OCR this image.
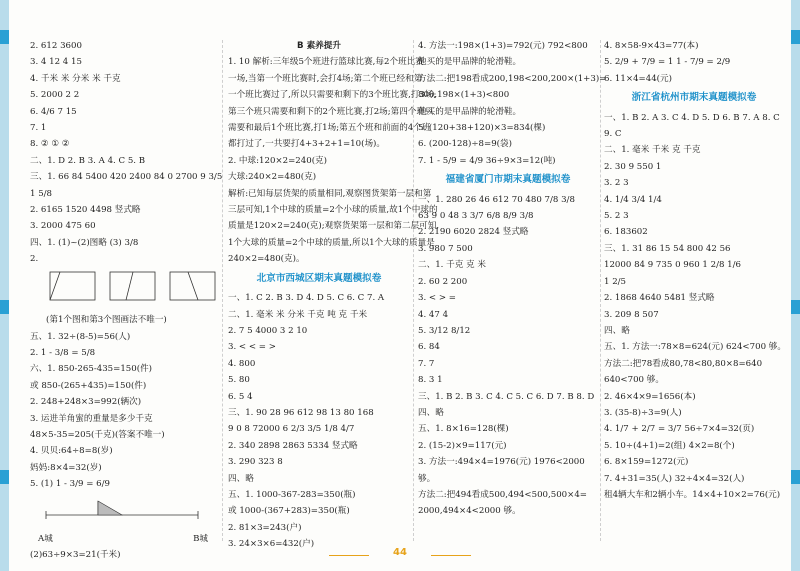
2. 612 3600
3. 4 12 4 15
4. 千米 米 分米 米 千克
5. 2000 2 2
6. 4/6 7 15
7. 1
8. ② ① ②
二、1. D 2. B 3. A 4. C 5. B
三、1. 66 84 5400 420 2400 84 0 2700 9 3/5
1 5/8
2. 6165 1520 4498 竖式略
3. 2000 475 60
四、1. (1)~(2)图略 (3) 3/8
2.
(第1个图和第3个图画法不唯一)
五、1. 32÷(8-5)=56(人)
2. 1 - 3/8 = 5/8
六、1. 850-265-435=150(件)
或 850-(265+435)=150(件)
2. 248+248×3=992(辆次)
3. 运进羊角蜜的重量是多少千克
48×5-35=205(千克)(答案不唯一)
4. 贝贝:64÷8=8(岁)
妈妈:8×4=32(岁)
5. (1) 1 - 3/9 = 6/9
A城	B城
(2)63÷9×3=21(千米)
B 素养提升
1. 10 解析:三年级5个班进行篮球比赛,每2个班比赛
一场,当第一个班比赛时,会打4场;第二个班已经和第
一个班比赛过了,所以只需要和剩下的3个班比赛,打3场;
第三个班只需要和剩下的2个班比赛,打2场;第四个班只
需要和最后1个班比赛,打1场;第五个班和前面的4个班
都打过了,一共要打4+3+2+1=10(场)。
2. 中球:120×2=240(克)
大球:240×2=480(克)
解析:已知每层货架的质量相同,观察图货架第一层和第
三层可知,1个中球的质量=2个小球的质量,故1个中球的
质量是120×2=240(克);观察货架第一层和第二层可知,
1个大球的质量=2个中球的质量,所以1个大球的质量是
240×2=480(克)。
北京市西城区期末真题模拟卷
一、1. C 2. B 3. D 4. D 5. C 6. C 7. A
二、1. 毫米 米 分米 千克 吨 克 千米
2. 7 5 4000 3 2 10
3. < < = >
4. 800
5. 80
6. 5 4
三、1. 90 28 96 612 98 13 80 168
9 0 8 72000 6 2/3 3/5 1/8 4/7
2. 340 2898 2863 5334 竖式略
3. 290 323 8
四、略
五、1. 1000-367-283=350(瓶)
或 1000-(367+283)=350(瓶)
2. 81×3=243(户)
3. 24×3×6=432(户)
4. 方法一:198×(1+3)=792(元) 792<800
他买的是甲品牌的轮滑鞋。
方法二:把198看成200,198<200,200×(1+3)=
800,198×(1+3)<800
他买的是甲品牌的轮滑鞋。
5. (120+38+120)×3=834(棵)
6. (200-128)÷8=9(袋)
7. 1 - 5/9 = 4/9 36÷9×3=12(吨)
福建省厦门市期末真题模拟卷
一、1. 280 26 46 612 70 480 7/8 3/8
63 9 0 48 3 3/7 6/8 8/9 3/8
2. 2190 6020 2824 竖式略
3. 980 7 500
二、1. 千克 克 米
2. 60 2 200
3. < > =
4. 47 4
5. 3/12 8/12
6. 84
7. 7
8. 3 1
三、1. B 2. B 3. C 4. C 5. C 6. D 7. B 8. D
四、略
五、1. 8×16=128(棵)
2. (15-2)×9=117(元)
3. 方法一:494×4=1976(元) 1976<2000
够。
方法二:把494看成500,494<500,500×4=
2000,494×4<2000 够。
4. 8×58-9×43=77(本)
5. 2/9 + 7/9 = 1 1 - 7/9 = 2/9
6. 11×4=44(元)
浙江省杭州市期末真题模拟卷
一、1. B 2. A 3. C 4. D 5. D 6. B 7. A 8. C
9. C
二、1. 毫米 千米 克 千克
2. 30 9 550 1
3. 2 3
4. 1/4 3/4 1/4
5. 2 3
6. 183602
三、1. 31 86 15 54 800 42 56
12000 84 9 735 0 960 1 2/8 1/6
1 2/5
2. 1868 4640 5481 竖式略
3. 209 8 507
四、略
五、1. 方法一:78×8=624(元) 624<700 够。
方法二:把78看成80,78<80,80×8=640
640<700 够。
2. 46×4×9=1656(本)
3. (35-8)÷3=9(人)
4. 1/7 + 2/7 = 3/7 56÷7×4=32(页)
5. 10÷(4+1)=2(组) 4×2=8(个)
6. 8×159=1272(元)
7. 4+31=35(人) 32÷4×4=32(人)
租4辆大车和2辆小车。14×4+10×2=76(元)
44
